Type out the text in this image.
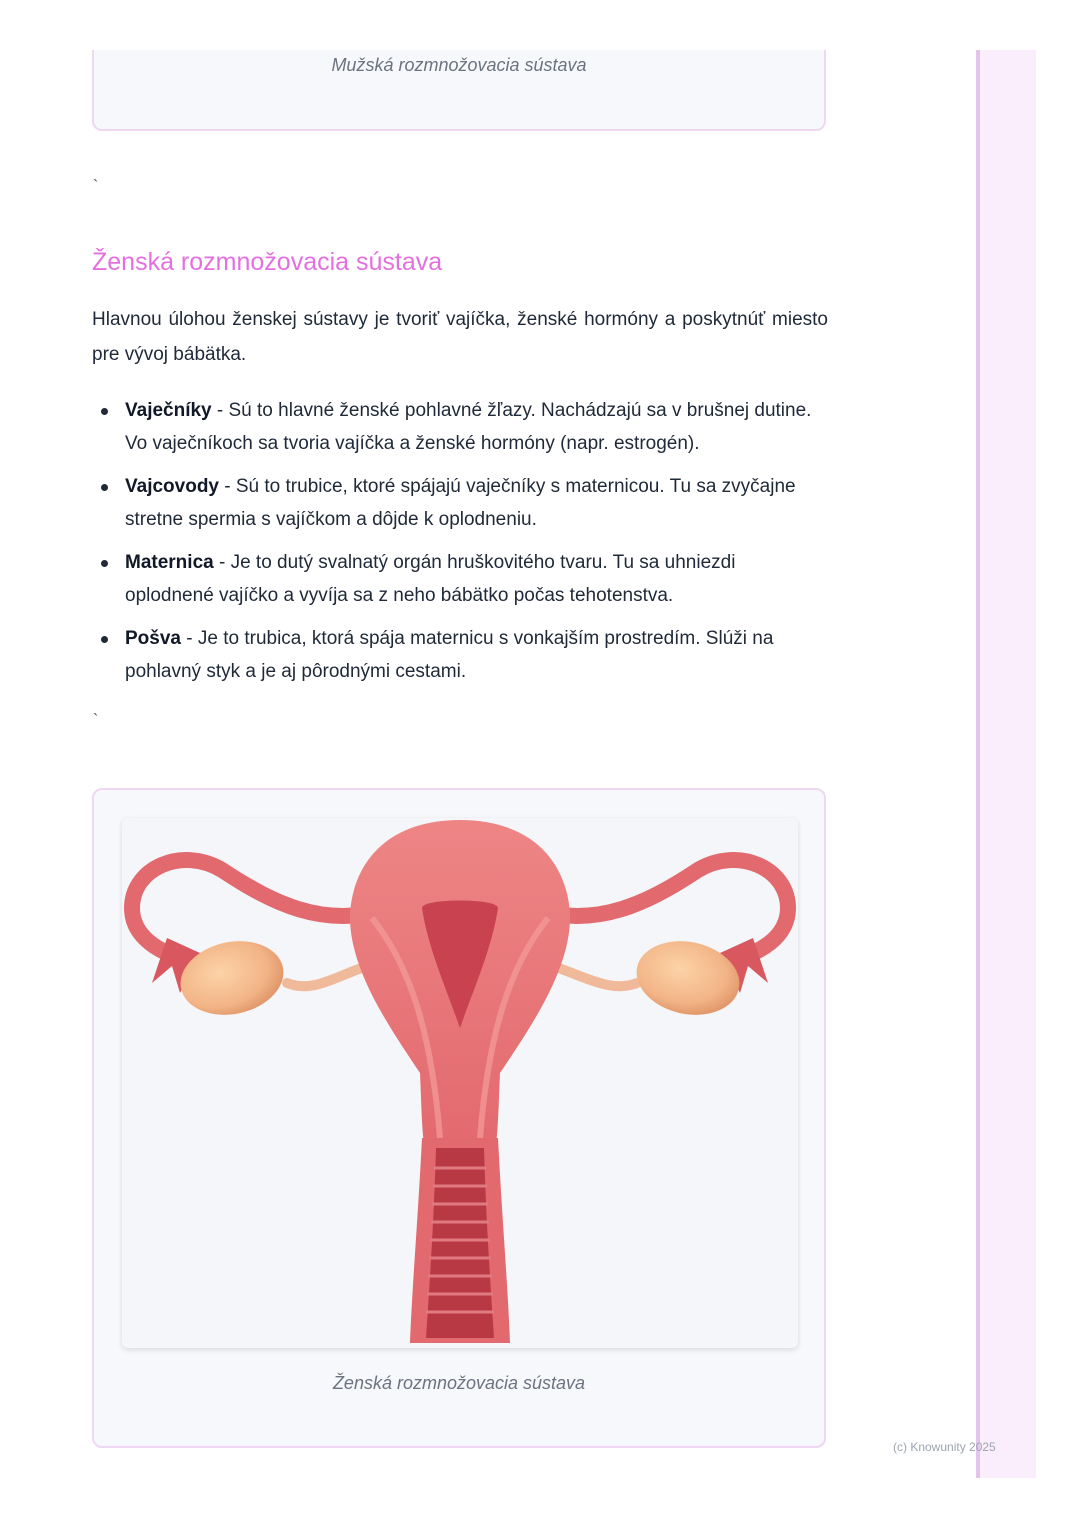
Mužská rozmnožovacia sústava
`
Ženská rozmnožovacia sústava

Hlavnou úlohou ženskej sústavy je tvoriť vajíčka, ženské hormóny a poskytnúť miesto pre vývoj bábätka.

Vaječníky - Sú to hlavné ženské pohlavné žľazy. Nachádzajú sa v brušnej dutine. Vo vaječníkoch sa tvoria vajíčka a ženské hormóny (napr. estrogén).
Vajcovody - Sú to trubice, ktoré spájajú vaječníky s maternicou. Tu sa zvyčajne stretne spermia s vajíčkom a dôjde k oplodneniu.
Maternica - Je to dutý svalnatý orgán hruškovitého tvaru. Tu sa uhniezdi oplodnené vajíčko a vyvíja sa z neho bábätko počas tehotenstva.
Pošva - Je to trubica, ktorá spája maternicu s vonkajším prostredím. Slúži na pohlavný styk a je aj pôrodnými cestami.
`
Ženská rozmnožovacia sústava
(c) Knowunity 2025
